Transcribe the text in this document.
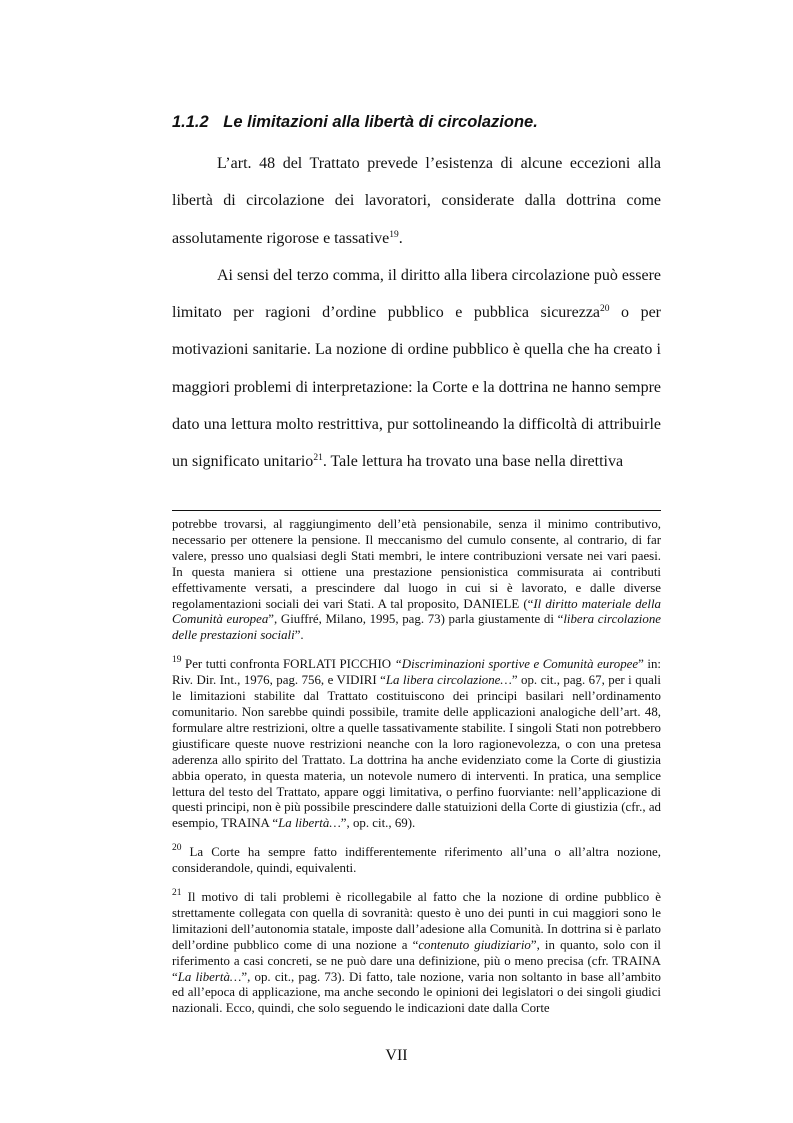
1.1.2 Le limitazioni alla libertà di circolazione.

L’art. 48 del Trattato prevede l’esistenza di alcune eccezioni alla libertà di circolazione dei lavoratori, considerate dalla dottrina come assolutamente rigorose e tassative$^{19}$.

Ai sensi del terzo comma, il diritto alla libera circolazione può essere limitato per ragioni d’ordine pubblico e pubblica sicurezza$^{20}$ o per motivazioni sanitarie. La nozione di ordine pubblico è quella che ha creato i maggiori problemi di interpretazione: la Corte e la dottrina ne hanno sempre dato una lettura molto restrittiva, pur sottolineando la difficoltà di attribuirle un significato unitario$^{21}$. Tale lettura ha trovato una base nella direttiva

potrebbe trovarsi, al raggiungimento dell’età pensionabile, senza il minimo contributivo, necessario per ottenere la pensione. Il meccanismo del cumulo consente, al contrario, di far valere, presso uno qualsiasi degli Stati membri, le intere contribuzioni versate nei vari paesi. In questa maniera si ottiene una prestazione pensionistica commisurata ai contributi effettivamente versati, a prescindere dal luogo in cui si è lavorato, e dalle diverse regolamentazioni sociali dei vari Stati. A tal proposito, DANIELE (“Il diritto materiale della Comunità europea”, Giuffré, Milano, 1995, pag. 73) parla giustamente di “libera circolazione delle prestazioni sociali”.

$^{19}$ Per tutti confronta FORLATI PICCHIO “Discriminazioni sportive e Comunità europee” in: Riv. Dir. Int., 1976, pag. 756, e VIDIRI “La libera circolazione…” op. cit., pag. 67, per i quali le limitazioni stabilite dal Trattato costituiscono dei principi basilari nell’ordinamento comunitario. Non sarebbe quindi possibile, tramite delle applicazioni analogiche dell’art. 48, formulare altre restrizioni, oltre a quelle tassativamente stabilite. I singoli Stati non potrebbero giustificare queste nuove restrizioni neanche con la loro ragionevolezza, o con una pretesa aderenza allo spirito del Trattato. La dottrina ha anche evidenziato come la Corte di giustizia abbia operato, in questa materia, un notevole numero di interventi. In pratica, una semplice lettura del testo del Trattato, appare oggi limitativa, o perfino fuorviante: nell’applicazione di questi principi, non è più possibile prescindere dalle statuizioni della Corte di giustizia (cfr., ad esempio, TRAINA “La libertà…”, op. cit., 69).

$^{20}$ La Corte ha sempre fatto indifferentemente riferimento all’una o all’altra nozione, considerandole, quindi, equivalenti.

$^{21}$ Il motivo di tali problemi è ricollegabile al fatto che la nozione di ordine pubblico è strettamente collegata con quella di sovranità: questo è uno dei punti in cui maggiori sono le limitazioni dell’autonomia statale, imposte dall’adesione alla Comunità. In dottrina si è parlato dell’ordine pubblico come di una nozione a “contenuto giudiziario”, in quanto, solo con il riferimento a casi concreti, se ne può dare una definizione, più o meno precisa (cfr. TRAINA “La libertà…”, op. cit., pag. 73). Di fatto, tale nozione, varia non soltanto in base all’ambito ed all’epoca di applicazione, ma anche secondo le opinioni dei legislatori o dei singoli giudici nazionali. Ecco, quindi, che solo seguendo le indicazioni date dalla Corte

VII
